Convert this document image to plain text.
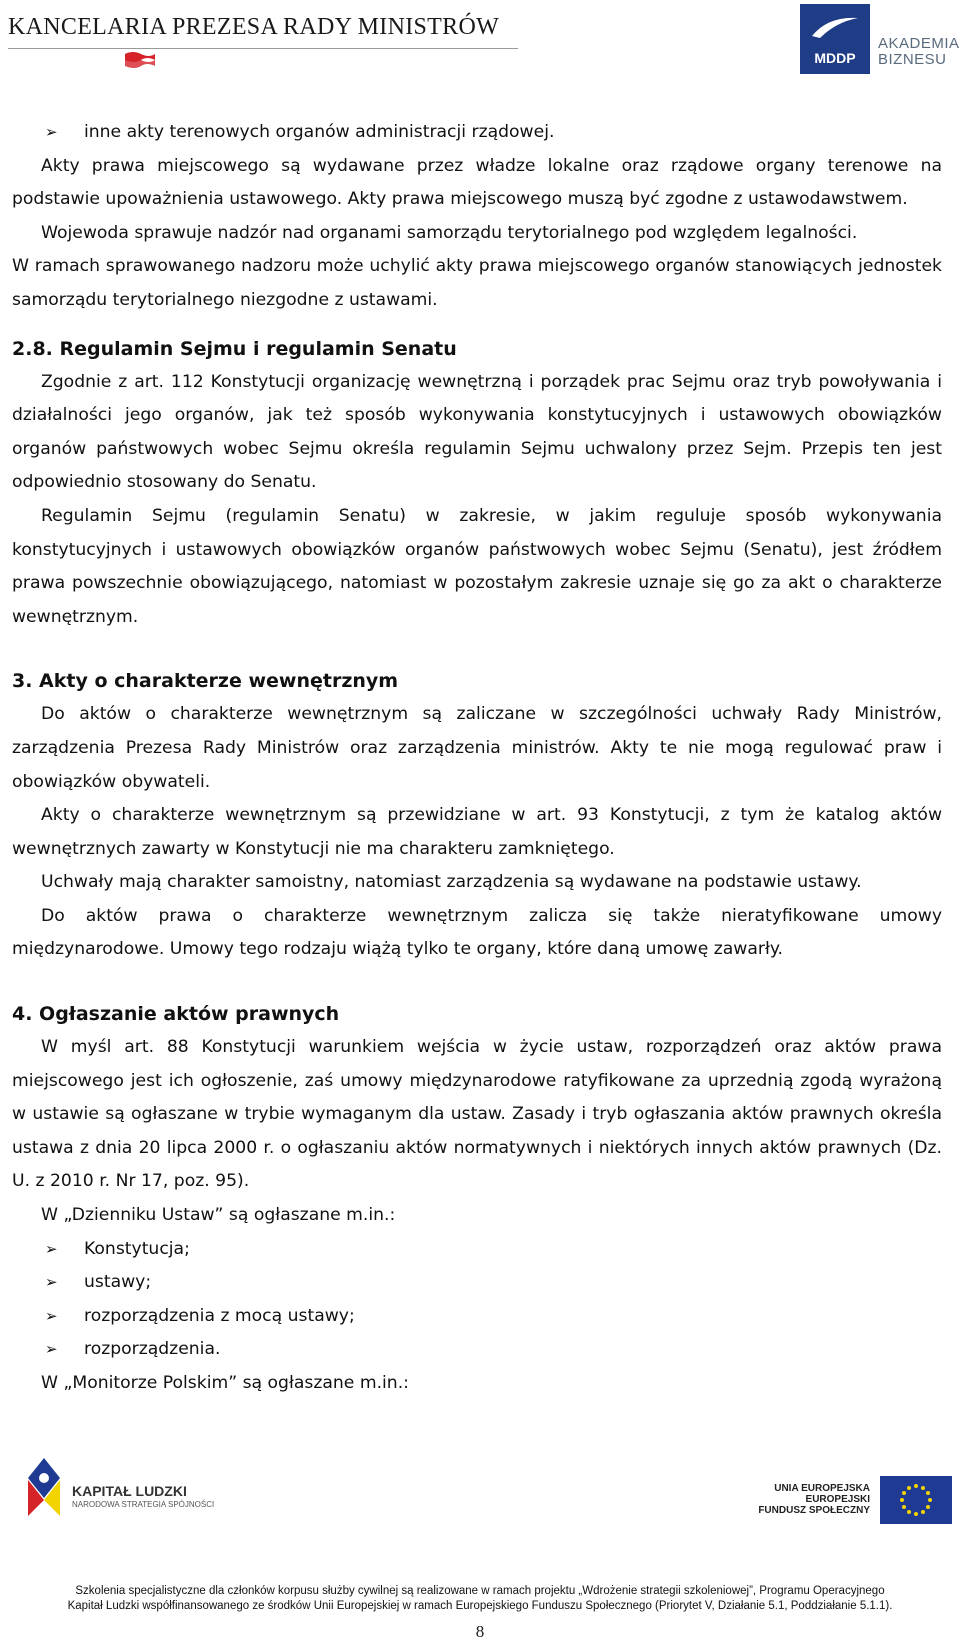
KANCELARIA PREZESA RADY MINISTRÓW
MDDP
AKADEMIA
BIZNESU
➢ inne akty terenowych organów administracji rządowej.

Akty prawa miejscowego są wydawane przez władze lokalne oraz rządowe organy terenowe na podstawie upoważnienia ustawowego. Akty prawa miejscowego muszą być zgodne z ustawodawstwem.

Wojewoda sprawuje nadzór nad organami samorządu terytorialnego pod względem legalności.

W ramach sprawowanego nadzoru może uchylić akty prawa miejscowego organów stanowiących jednostek samorządu terytorialnego niezgodne z ustawami.

2.8. Regulamin Sejmu i regulamin Senatu

Zgodnie z art. 112 Konstytucji organizację wewnętrzną i porządek prac Sejmu oraz tryb powoływania i działalności jego organów, jak też sposób wykonywania konstytucyjnych i ustawowych obowiązków organów państwowych wobec Sejmu określa regulamin Sejmu uchwalony przez Sejm. Przepis ten jest odpowiednio stosowany do Senatu.

Regulamin Sejmu (regulamin Senatu) w zakresie, w jakim reguluje sposób wykonywania konstytucyjnych i ustawowych obowiązków organów państwowych wobec Sejmu (Senatu), jest źródłem prawa powszechnie obowiązującego, natomiast w pozostałym zakresie uznaje się go za akt o charakterze wewnętrznym.

3. Akty o charakterze wewnętrznym

Do aktów o charakterze wewnętrznym są zaliczane w szczególności uchwały Rady Ministrów, zarządzenia Prezesa Rady Ministrów oraz zarządzenia ministrów. Akty te nie mogą regulować praw i obowiązków obywateli.

Akty o charakterze wewnętrznym są przewidziane w art. 93 Konstytucji, z tym że katalog aktów wewnętrznych zawarty w Konstytucji nie ma charakteru zamkniętego.

Uchwały mają charakter samoistny, natomiast zarządzenia są wydawane na podstawie ustawy.

Do aktów prawa o charakterze wewnętrznym zalicza się także nieratyfikowane umowy międzynarodowe. Umowy tego rodzaju wiążą tylko te organy, które daną umowę zawarły.

4. Ogłaszanie aktów prawnych

W myśl art. 88 Konstytucji warunkiem wejścia w życie ustaw, rozporządzeń oraz aktów prawa miejscowego jest ich ogłoszenie, zaś umowy międzynarodowe ratyfikowane za uprzednią zgodą wyrażoną w ustawie są ogłaszane w trybie wymaganym dla ustaw. Zasady i tryb ogłaszania aktów prawnych określa ustawa z dnia 20 lipca 2000 r. o ogłaszaniu aktów normatywnych i niektórych innych aktów prawnych (Dz. U. z 2010 r. Nr 17, poz. 95).

W „Dzienniku Ustaw” są ogłaszane m.in.:

➢ Konstytucja;
➢ ustawy;
➢ rozporządzenia z mocą ustawy;
➢ rozporządzenia.

W „Monitorze Polskim” są ogłaszane m.in.:

KAPITAŁ LUDZKI
NARODOWA STRATEGIA SPÓJNOŚCI
UNIA EUROPEJSKA
EUROPEJSKI
FUNDUSZ SPOŁECZNY
Szkolenia specjalistyczne dla członków korpusu służby cywilnej są realizowane w ramach projektu „Wdrożenie strategii szkoleniowej”, Programu Operacyjnego
Kapitał Ludzki współfinansowanego ze środków Unii Europejskiej w ramach Europejskiego Funduszu Społecznego (Priorytet V, Działanie 5.1, Poddziałanie 5.1.1).
8
